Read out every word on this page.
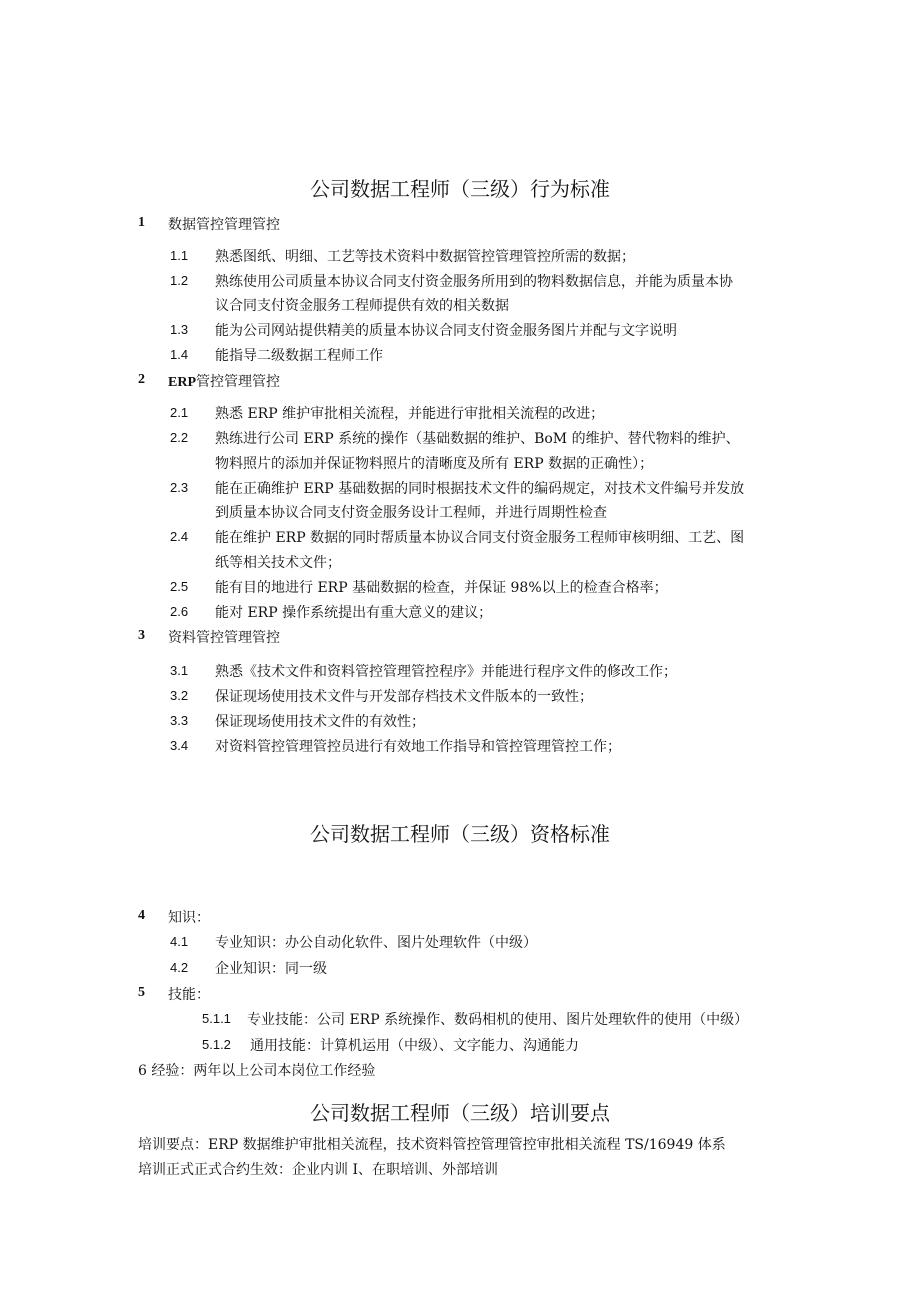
公司数据工程师（三级）行为标准
1 数据管控管理管控
1.1 熟悉图纸、明细、工艺等技术资料中数据管控管理管控所需的数据；
1.2 熟练使用公司质量本协议合同支付资金服务所用到的物料数据信息，并能为质量本协
议合同支付资金服务工程师提供有效的相关数据
1.3 能为公司网站提供精美的质量本协议合同支付资金服务图片并配与文字说明
1.4 能指导二级数据工程师工作
2 ERP管控管理管控
2.1 熟悉 ERP 维护审批相关流程，并能进行审批相关流程的改进；
2.2 熟练进行公司 ERP 系统的操作（基础数据的维护、BoM 的维护、替代物料的维护、
物料照片的添加并保证物料照片的清晰度及所有 ERP 数据的正确性）；
2.3 能在正确维护 ERP 基础数据的同时根据技术文件的编码规定，对技术文件编号并发放
到质量本协议合同支付资金服务设计工程师，并进行周期性检查
2.4 能在维护 ERP 数据的同时帮质量本协议合同支付资金服务工程师审核明细、工艺、图
纸等相关技术文件；
2.5 能有目的地进行 ERP 基础数据的检查，并保证 98%以上的检查合格率；
2.6 能对 ERP 操作系统提出有重大意义的建议；
3 资料管控管理管控
3.1 熟悉《技术文件和资料管控管理管控程序》并能进行程序文件的修改工作；
3.2 保证现场使用技术文件与开发部存档技术文件版本的一致性；
3.3 保证现场使用技术文件的有效性；
3.4 对资料管控管理管控员进行有效地工作指导和管控管理管控工作；
公司数据工程师（三级）资格标准
4 知识：
4.1 专业知识：办公自动化软件、图片处理软件（中级）
4.2 企业知识：同一级
5 技能：
5.1.1 专业技能：公司 ERP 系统操作、数码相机的使用、图片处理软件的使用（中级）
5.1.2 通用技能：计算机运用（中级）、文字能力、沟通能力
6 经验：两年以上公司本岗位工作经验
公司数据工程师（三级）培训要点
培训要点：ERP 数据维护审批相关流程，技术资料管控管理管控审批相关流程 TS/16949 体系
培训正式正式合约生效：企业内训 I、在职培训、外部培训
